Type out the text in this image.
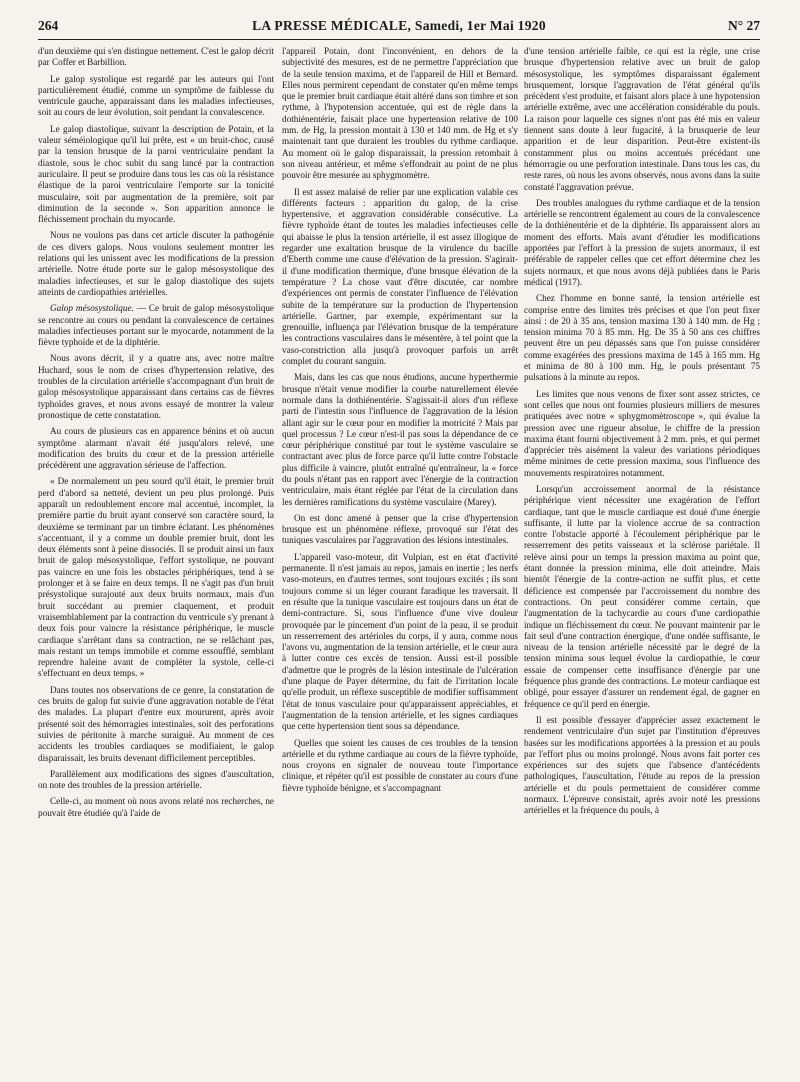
264	LA PRESSE MÉDICALE, Samedi, 1er Mai 1920	N° 27

d'un deuxième qui s'en distingue nettement. C'est le galop décrit par Coffer et Barbillion.

Le galop systolique est regardé par les auteurs qui l'ont particulièrement étudié, comme un symptôme de faiblesse du ventricule gauche, apparaissant dans les maladies infectieuses, soit au cours de leur évolution, soit pendant la convalescence.

Le galop diastolique, suivant la description de Potain, et la valeur séméiologique qu'il lui prête, est « un bruit-choc, causé par la tension brusque de la paroi ventriculaire pendant la diastole, sous le choc subit du sang lancé par la contraction auriculaire. Il peut se produire dans tous les cas où la résistance élastique de la paroi ventriculaire l'emporte sur la tonicité musculaire, soit par augmentation de la première, soit par diminution de la seconde ». Son apparition annonce le fléchissement prochain du myocarde.

Nous ne voulons pas dans cet article discuter la pathogénie de ces divers galops. Nous voulons seulement montrer les relations qui les unissent avec les modifications de la pression artérielle. Notre étude porte sur le galop mésosystolique des maladies infectieuses, et sur le galop diastolique des sujets atteints de cardiopathies artérielles.

Galop mésosystolique. — Ce bruit de galop mésosystolique se rencontre au cours ou pendant la convalescence de certaines maladies infectieuses portant sur le myocarde, notamment de la fièvre typhoïde et de la diphtérie.

Nous avons décrit, il y a quatre ans, avec notre maître Huchard, sous le nom de crises d'hypertension relative, des troubles de la circulation artérielle s'accompagnant d'un bruit de galop mésosystolique apparaissant dans certains cas de fièvres typhoïdes graves, et nous avons essayé de montrer la valeur pronostique de cette constatation.

Au cours de plusieurs cas en apparence bénins et où aucun symptôme alarmant n'avait été jusqu'alors relevé, une modification des bruits du cœur et de la pression artérielle précédèrent une aggravation sérieuse de l'affection.

« De normalement un peu sourd qu'il était, le premier bruit perd d'abord sa netteté, devient un peu plus prolongé. Puis apparaît un redoublement encore mal accentué, incomplet, la première partie du bruit ayant conservé son caractère sourd, la deuxième se terminant par un timbre éclatant. Les phénomènes s'accentuant, il y a comme un double premier bruit, dont les deux éléments sont à peine dissociés. Il se produit ainsi un faux bruit de galop mésosystolique, l'effort systolique, ne pouvant pas vaincre en une fois les obstacles périphériques, tend à se prolonger et à se faire en deux temps. Il ne s'agit pas d'un bruit présystolique surajouté aux deux bruits normaux, mais d'un bruit succédant au premier claquement, et produit vraisemblablement par la contraction du ventricule s'y prenant à deux fois pour vaincre la résistance périphérique, le muscle cardiaque s'arrêtant dans sa contraction, ne se relâchant pas, mais restant un temps immobile et comme essoufflé, semblant reprendre haleine avant de compléter la systole, celle-ci s'effectuant en deux temps. »

Dans toutes nos observations de ce genre, la constatation de ces bruits de galop fut suivie d'une aggravation notable de l'état des malades. La plupart d'entre eux moururent, après avoir présenté soit des hémorragies intestinales, soit des perforations suivies de péritonite à marche suraiguë. Au moment de ces accidents les troubles cardiaques se modifiaient, le galop disparaissait, les bruits devenant difficilement perceptibles.

Parallèlement aux modifications des signes d'auscultation, on note des troubles de la pression artérielle.

Celle-ci, au moment où nous avons relaté nos recherches, ne pouvait être étudiée qu'à l'aide de

l'appareil Potain, dont l'inconvénient, en dehors de la subjectivité des mesures, est de ne permettre l'appréciation que de la seule tension maxima, et de l'appareil de Hill et Bernard. Elles nous permirent cependant de constater qu'en même temps que le premier bruit cardiaque était altéré dans son timbre et son rythme, à l'hypotension accentuée, qui est de règle dans la dothiénentérie, faisait place une hypertension relative de 100 mm. de Hg, la pression montait à 130 et 140 mm. de Hg et s'y maintenait tant que duraient les troubles du rythme cardiaque. Au moment où le galop disparaissait, la pression retombait à son niveau antérieur, et même s'effondrait au point de ne plus pouvoir être mesurée au sphygmomètre.

Il est assez malaisé de relier par une explication valable ces différents facteurs : apparition du galop, de la crise hypertensive, et aggravation considérable consécutive. La fièvre typhoïde étant de toutes les maladies infectieuses celle qui abaisse le plus la tension artérielle, il est assez illogique de regarder une exaltation brusque de la virulence du bacille d'Eberth comme une cause d'élévation de la pression. S'agirait-il d'une modification thermique, d'une brusque élévation de la température ? La chose vaut d'être discutée, car nombre d'expériences ont permis de constater l'influence de l'élévation subite de la température sur la production de l'hypertension artérielle. Gartner, par exemple, expérimentant sur la grenouille, influença par l'élévation brusque de la température les contractions vasculaires dans le mésentère, à tel point que la vaso-constriction alla jusqu'à provoquer parfois un arrêt complet du courant sanguin.

Mais, dans les cas que nous étudions, aucune hyperthermie brusque n'était venue modifier la courbe naturellement élevée normale dans la dothiénentérie. S'agissait-il alors d'un réflexe parti de l'intestin sous l'influence de l'aggravation de la lésion allant agir sur le cœur pour en modifier la motricité ? Mais par quel processus ? Le cœur n'est-il pas sous la dépendance de ce cœur périphérique constitué par tout le système vasculaire se contractant avec plus de force parce qu'il lutte contre l'obstacle plus difficile à vaincre, plutôt entraîné qu'entraîneur, la « force du pouls n'étant pas en rapport avec l'énergie de la contraction ventriculaire, mais étant réglée par l'état de la circulation dans les dernières ramifications du système vasculaire (Marey).

On est donc amené à penser que la crise d'hypertension brusque est un phénomène réflexe, provoqué sur l'état des tuniques vasculaires par l'aggravation des lésions intestinales.

L'appareil vaso-moteur, dit Vulpian, est en état d'activité permanente. Il n'est jamais au repos, jamais en inertie ; les nerfs vaso-moteurs, en d'autres termes, sont toujours excités ; ils sont toujours comme si un léger courant faradique les traversait. Il en résulte que la tunique vasculaire est toujours dans un état de demi-contracture. Si, sous l'influence d'une vive douleur provoquée par le pincement d'un point de la peau, il se produit un resserrement des artérioles du corps, il y aura, comme nous l'avons vu, augmentation de la tension artérielle, et le cœur aura à lutter contre ces excès de tension. Aussi est-il possible d'admettre que le progrès de la lésion intestinale de l'ulcération d'une plaque de Payer détermine, du fait de l'irritation locale qu'elle produit, un réflexe susceptible de modifier suffisamment l'état de tonus vasculaire pour qu'apparaissent appréciables, et l'augmentation de la tension artérielle, et les signes cardiaques que cette hypertension tient sous sa dépendance.

Quelles que soient les causes de ces troubles de la tension artérielle et du rythme cardiaque au cours de la fièvre typhoïde, nous croyons en signaler de nouveau toute l'importance clinique, et répéter qu'il est possible de constater au cours d'une fièvre typhoïde bénigne, et s'accompagnant

d'une tension artérielle faible, ce qui est la règle, une crise brusque d'hypertension relative avec un bruit de galop mésosystolique, les symptômes disparaissant également brusquement, lorsque l'aggravation de l'état général qu'ils précèdent s'est produite, et faisant alors place à une hypotension artérielle extrême, avec une accélération considérable du pouls. La raison pour laquelle ces signes n'ont pas été mis en valeur tiennent sans doute à leur fugacité, à la brusquerie de leur apparition et de leur disparition. Peut-être existent-ils constamment plus ou moins accentués précédant une hémorragie ou une perforation intestinale. Dans tous les cas, du reste rares, où nous les avons observés, nous avons dans la suite constaté l'aggravation prévue.

Des troubles analogues du rythme cardiaque et de la tension artérielle se rencontrent également au cours de la convalescence de la dothiénentérie et de la diphtérie. Ils apparaissent alors au moment des efforts. Mais avant d'étudier les modifications apportées par l'effort à la pression de sujets anormaux, il est préférable de rappeler celles que cet effort détermine chez les sujets normaux, et que nous avons déjà publiées dans le Paris médical (1917).

Chez l'homme en bonne santé, la tension artérielle est comprise entre des limites très précises et que l'on peut fixer ainsi : de 20 à 35 ans, tension maxima 130 à 140 mm. de Hg ; tension minima 70 à 85 mm. Hg. De 35 à 50 ans ces chiffres peuvent être un peu dépassés sans que l'on puisse considérer comme exagérées des pressions maxima de 145 à 165 mm. Hg et minima de 80 à 100 mm. Hg, le pouls présentant 75 pulsations à la minute au repos.

Les limites que nous venons de fixer sont assez strictes, ce sont celles que nous ont fournies plusieurs milliers de mesures pratiquées avec notre « sphygmomètroscope », qui évalue la pression avec une rigueur absolue, le chiffre de la pression maxima étant fourni objectivement à 2 mm. près, et qui permet d'apprécier très aisément la valeur des variations périodiques même minimes de cette pression maxima, sous l'influence des mouvements respiratoires notamment.

Lorsqu'un accroissement anormal de la résistance périphérique vient nécessiter une exagération de l'effort cardiaque, tant que le muscle cardiaque est doué d'une énergie suffisante, il lutte par la violence accrue de sa contraction contre l'obstacle apporté à l'écoulement périphérique par le resserrement des petits vaisseaux et la sclérose pariétale. Il relève ainsi pour un temps la pression maxima au point que, étant donnée la pression minima, elle doit atteindre. Mais bientôt l'énergie de la contre-action ne suffit plus, et cette déficience est compensée par l'accroissement du nombre des contractions. On peut considérer comme certain, que l'augmentation de la tachycardie au cours d'une cardiopathie indique un fléchissement du cœur. Ne pouvant maintenir par le fait seul d'une contraction énergique, d'une ondée suffisante, le niveau de la tension artérielle nécessité par le degré de la tension minima sous lequel évolue la cardiopathie, le cœur essaie de compenser cette insuffisance d'énergie par une fréquence plus grande des contractions. Le moteur cardiaque est obligé, pour essayer d'assurer un rendement égal, de gagner en fréquence ce qu'il perd en énergie.

Il est possible d'essayer d'apprécier assez exactement le rendement ventriculaire d'un sujet par l'institution d'épreuves basées sur les modifications apportées à la pression et au pouls par l'effort plus ou moins prolongé. Nous avons fait porter ces expériences sur des sujets que l'absence d'antécédents pathologiques, l'auscultation, l'étude au repos de la pression artérielle et du pouls permettaient de considérer comme normaux. L'épreuve consistait, après avoir noté les pressions artérielles et la fréquence du pouls, à
